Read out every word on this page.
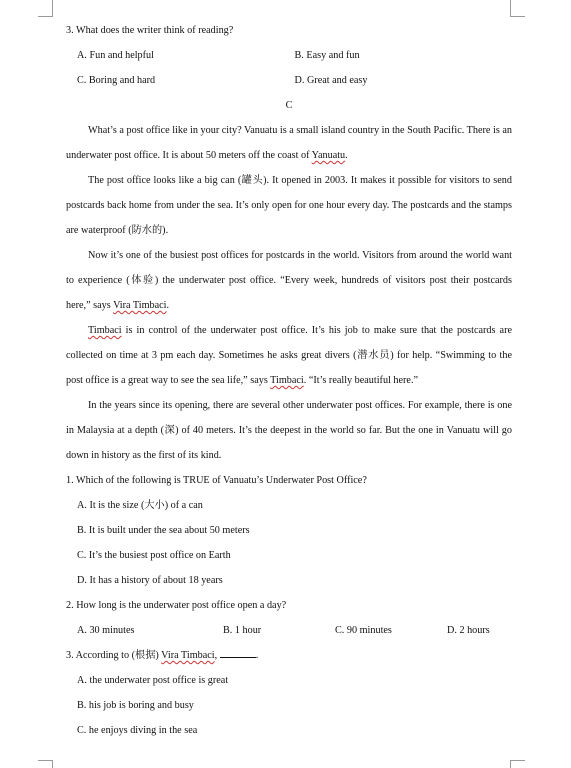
3. What does the writer think of reading?
A. Fun and helpful	B. Easy and fun
C. Boring and hard	D. Great and easy
C
What’s a post office like in your city? Vanuatu is a small island country in the South Pacific. There is an underwater post office. It is about 50 meters off the coast of Yanuatu.
The post office looks like a big can (罐头). It opened in 2003. It makes it possible for visitors to send postcards back home from under the sea. It’s only open for one hour every day. The postcards and the stamps are waterproof (防水的).
Now it’s one of the busiest post offices for postcards in the world. Visitors from around the world want to experience (体验) the underwater post office. “Every week, hundreds of visitors post their postcards here,” says Vira Timbaci.
Timbaci is in control of the underwater post office. It’s his job to make sure that the postcards are collected on time at 3 pm each day. Sometimes he asks great divers (潜水员) for help. “Swimming to the post office is a great way to see the sea life,” says Timbaci. “It’s really beautiful here.”
In the years since its opening, there are several other underwater post offices. For example, there is one in Malaysia at a depth (深) of 40 meters. It’s the deepest in the world so far. But the one in Vanuatu will go down in history as the first of its kind.
1. Which of the following is TRUE of Vanuatu’s Underwater Post Office?
A. It is the size (大小) of a can
B. It is built under the sea about 50 meters
C. It’s the busiest post office on Earth
D. It has a history of about 18 years
2. How long is the underwater post office open a day?
A. 30 minutes	B. 1 hour	C. 90 minutes	D. 2 hours
3. According to (根据) Vira Timbaci,	.
A. the underwater post office is great
B. his job is boring and busy
C. he enjoys diving in the sea
